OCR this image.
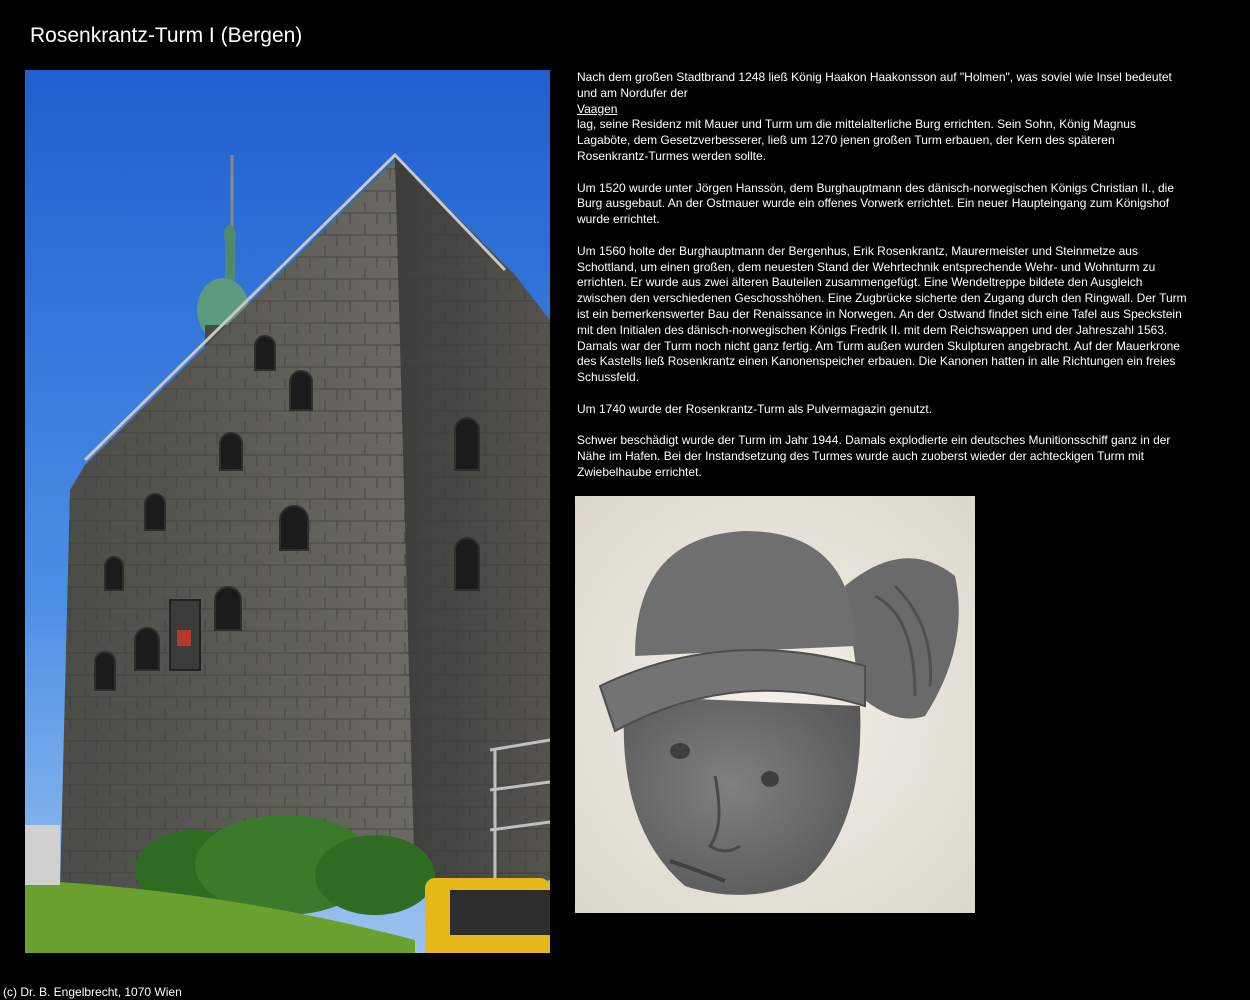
Rosenkrantz-Turm I (Bergen)

Nach dem großen Stadtbrand 1248 ließ König Haakon Haakonsson auf "Holmen", was soviel wie Insel bedeutet und am Nordufer der
Vaagen
lag, seine Residenz mit Mauer und Turm um die mittelalterliche Burg errichten. Sein Sohn, König Magnus Lagaböte, dem Gesetzverbesserer, ließ um 1270 jenen großen Turm erbauen, der Kern des späteren Rosenkrantz-Turmes werden sollte.

Um 1520 wurde unter Jörgen Hanssön, dem Burghauptmann des dänisch-norwegischen Königs Christian II., die Burg ausgebaut. An der Ostmauer wurde ein offenes Vorwerk errichtet. Ein neuer Haupteingang zum Königshof wurde errichtet.

Um 1560 holte der Burghauptmann der Bergenhus, Erik Rosenkrantz, Maurermeister und Steinmetze aus Schottland, um einen großen, dem neuesten Stand der Wehrtechnik entsprechende Wehr- und Wohnturm zu errichten. Er wurde aus zwei älteren Bauteilen zusammengefügt. Eine Wendeltreppe bildete den Ausgleich zwischen den verschiedenen Geschosshöhen. Eine Zugbrücke sicherte den Zugang durch den Ringwall. Der Turm ist ein bemerkenswerter Bau der Renaissance in Norwegen. An der Ostwand findet sich eine Tafel aus Speckstein mit den Initialen des dänisch-norwegischen Königs Fredrik II. mit dem Reichswappen und der Jahreszahl 1563. Damals war der Turm noch nicht ganz fertig. Am Turm außen wurden Skulpturen angebracht. Auf der Mauerkrone des Kastells ließ Rosenkrantz einen Kanonenspeicher erbauen. Die Kanonen hatten in alle Richtungen ein freies Schussfeld.

Um 1740 wurde der Rosenkrantz-Turm als Pulvermagazin genutzt.

Schwer beschädigt wurde der Turm im Jahr 1944. Damals explodierte ein deutsches Munitionsschiff ganz in der Nähe im Hafen. Bei der Instandsetzung des Turmes wurde auch zuoberst wieder der achteckigen Turm mit Zwiebelhaube errichtet.

(c) Dr. B. Engelbrecht, 1070 Wien
